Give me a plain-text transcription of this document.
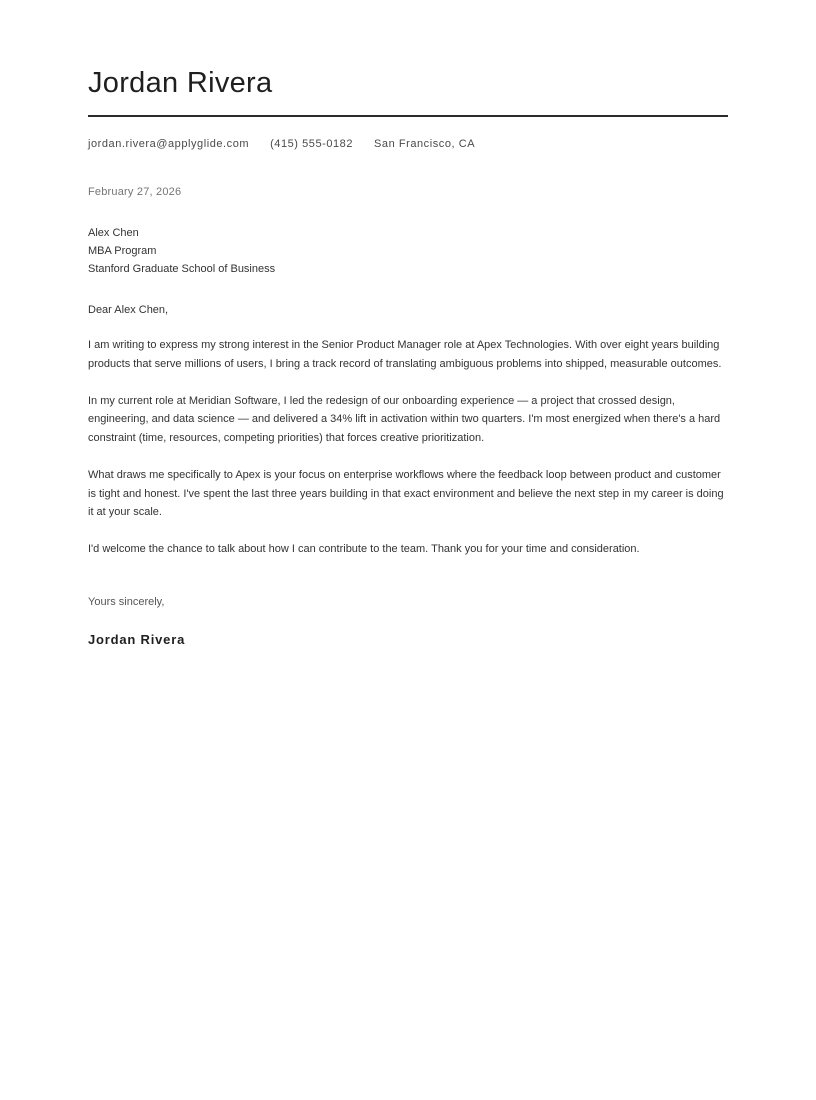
Jordan Rivera
jordan.rivera@applyglide.com (415) 555-0182 San Francisco, CA
February 27, 2026
Alex Chen
MBA Program
Stanford Graduate School of Business

Dear Alex Chen,

I am writing to express my strong interest in the Senior Product Manager role at Apex Technologies. With over eight years building products that serve millions of users, I bring a track record of translating ambiguous problems into shipped, measurable outcomes.

In my current role at Meridian Software, I led the redesign of our onboarding experience — a project that crossed design, engineering, and data science — and delivered a 34% lift in activation within two quarters. I'm most energized when there's a hard constraint (time, resources, competing priorities) that forces creative prioritization.

What draws me specifically to Apex is your focus on enterprise workflows where the feedback loop between product and customer is tight and honest. I've spent the last three years building in that exact environment and believe the next step in my career is doing it at your scale.

I'd welcome the chance to talk about how I can contribute to the team. Thank you for your time and consideration.

Yours sincerely,

Jordan Rivera
